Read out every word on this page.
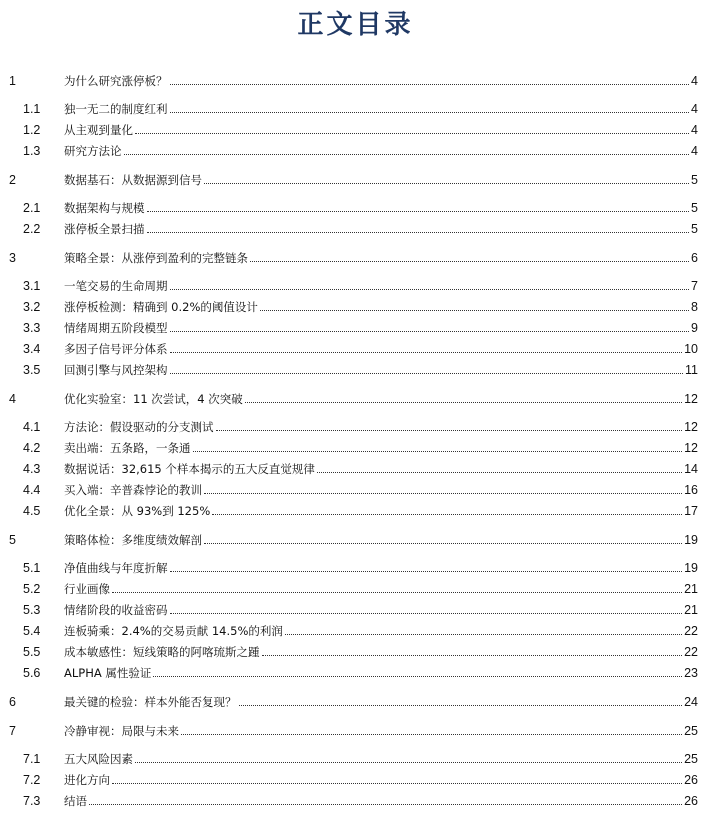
正文目录
1	为什么研究涨停板？	4
1.1 独一无二的制度红利	4
1.2 从主观到量化	4
1.3 研究方法论	4
2	数据基石：从数据源到信号	5
2.1 数据架构与规模	5
2.2 涨停板全景扫描	5
3	策略全景：从涨停到盈利的完整链条	6
3.1 一笔交易的生命周期	7
3.2 涨停板检测：精确到 0.2%的阈值设计	8
3.3 情绪周期五阶段模型	9
3.4 多因子信号评分体系	10
3.5 回测引擎与风控架构	11
4	优化实验室：11 次尝试，4 次突破	12
4.1 方法论：假设驱动的分支测试	12
4.2 卖出端：五条路，一条通	12
4.3 数据说话：32,615 个样本揭示的五大反直觉规律	14
4.4 买入端：辛普森悖论的教训	16
4.5 优化全景：从 93%到 125%	17
5	策略体检：多维度绩效解剖	19
5.1 净值曲线与年度折解	19
5.2 行业画像	21
5.3 情绪阶段的收益密码	21
5.4 连板骑乘：2.4%的交易贡献 14.5%的利润	22
5.5 成本敏感性：短线策略的阿喀琉斯之踵	22
5.6 ALPHA 属性验证	23
6	最关键的检验：样本外能否复现？	24
7	冷静审视：局限与未来	25
7.1 五大风险因素	25
7.2 进化方向	26
7.3 结语	26
